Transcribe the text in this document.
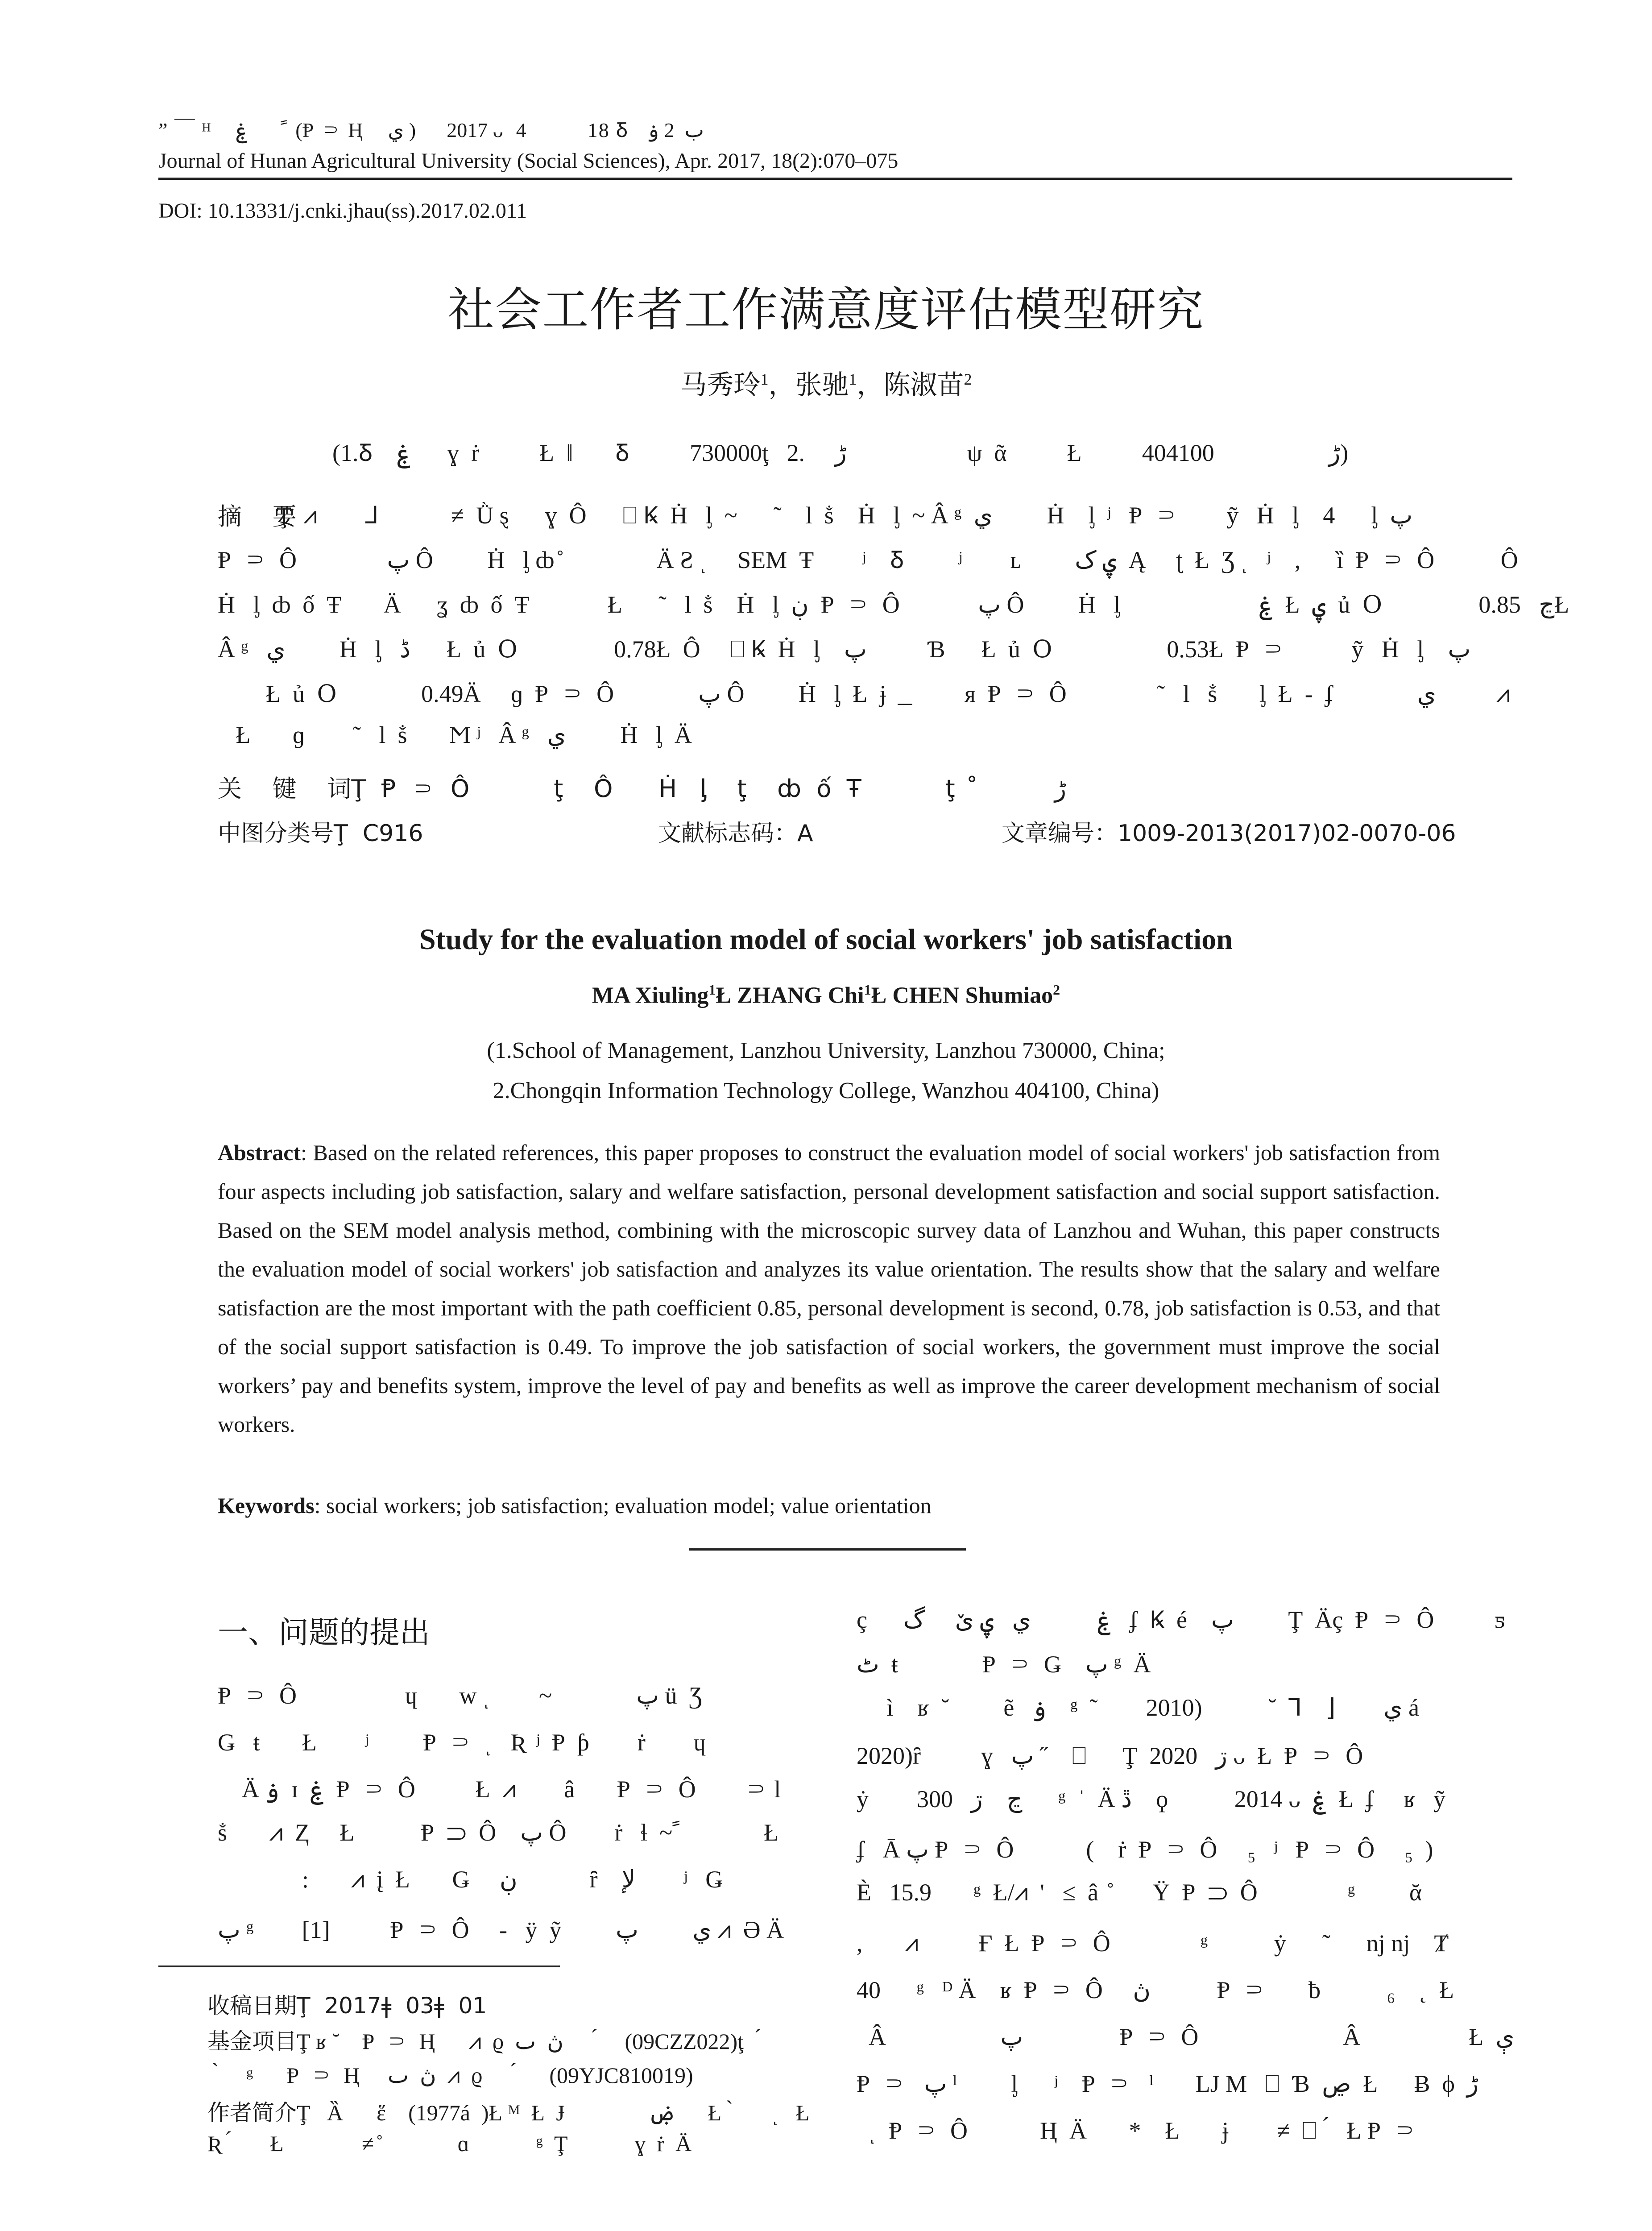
” ￣ ᴴ    ۼ       ً  (Ᵽ ⸧ Ⱨ    ي )      2017 ᴗ  4          18 Ᵹ   ب  2 ۏ
Journal of Hunan Agricultural University (Social Sciences), Apr. 2017, 18(2):070–075
DOI: 10.13331/j.cnki.jhau(ss).2017.02.011
社会工作者工作满意度评估模型研究
马秀玲$^1$，张驰$^1$，陈淑苗$^2$
(1.Ᵹ    ۼ      ɣ  ṙ          Ł  ǁ       Ᵹ          730000ţ   2.     ڑ                    ψ  ᾶ          Ł          ڑ                   404100)
摘    要
Ţ  ⩘        ⅃            ≠  Ǜ ȿ      ɣ  Ô      ⎕ Ꝃ  Ḣ   ᶅ  ~      ῀    l  ṧ    Ḣ   ᶅ  ~ Â ᵍ  ي         Ḣ    ᶅ  ʲ   Ᵽ  ⸧        ỹ   Ḣ   ᶅ    4      ᶅ  پ
Ᵽ  ⸧  Ô               پ Ô         Ḣ   ᶅ ȸ ̊                Ä Ƨ ͺ     SEM  Ŧ        ʲ    Ᵹ         ʲ        ʟ         ۑ ک  Ą     ʈ  Ł  Ʒ ͺ   ʲ    ,      ȉ  Ᵽ  ⸧  Ô           Ô
Ḣ   ᶅ  ȸ  ố  Ŧ       Ä      ʓ  ȸ  ố  Ŧ             Ł      ῀   l  ṧ    Ḣ   ᶅ  ڹ  Ᵽ  ⸧  Ô             پ Ô         Ḣ   ᶅ                       ۼ  Ł  ۑ  ủ  Օ                ڃ   0.85Ł
Â ᵍ   ي         Ḣ   ᶅ   ڈ      Ł  ủ  Օ                0.78Ł  Ô     ⎕ Ꝃ  Ḣ   ᶅ    پ          Ɓ      Ł  ủ  Օ                   0.53Ł  Ᵽ  ⸧           ỹ   Ḣ   ᶅ    پ
Ł  ủ  Օ              0.49Ä     ɡ  Ᵽ  ⸧  Ô              پ Ô         Ḣ   ᶅ  Ł  ɉ  ͟           ᴙ  Ᵽ  ⸧  Ô               ῀   l   ṧ       ᶅ  Ł  -  ʄ              ي          ⩘
Ł       ɡ        ῀   l  ṧ       Ϻ ʲ   Â ᵍ   ي         Ḣ   ᶅ  Ä
关    键    词Ţ  Ᵽ  ⸧  Ô           ţ    Ô      Ḣ   ᶅ    ţ    ȸ  ố  Ŧ           ţ   ̊          ڑ
中图分类号Ţ  C916	文献标志码：A	文章编号：1009-2013(2017)02-0070-06
Study for the evaluation model of social workers' job satisfaction
MA Xiuling$^1$Ł ZHANG Chi$^1$Ł CHEN Shumiao$^2$
(1.School of Management, Lanzhou University, Lanzhou 730000, China;
2.Chongqin Information Technology College, Wanzhou 404100, China)
Abstract: Based on the related references, this paper proposes to construct the evaluation model of social workers' job satisfaction from four aspects including job satisfaction, salary and welfare satisfaction, personal development satisfaction and social support satisfaction. Based on the SEM model analysis method, combining with the microscopic survey data of Lanzhou and Wuhan, this paper constructs the evaluation model of social workers' job satisfaction and analyzes its value orientation. The results show that the salary and welfare satisfaction are the most important with the path coefficient 0.85, personal development is second, 0.78, job satisfaction is 0.53, and that of the social support satisfaction is 0.49. To improve the job satisfaction of social workers, the government must improve the social workers’ pay and benefits system, improve the level of pay and benefits as well as improve the career development mechanism of social workers.
Keywords: social workers; job satisfaction; evaluation model; value orientation
一、问题的提出
Ᵽ  ⸧  Ô                  ɥ       w ͺ        ~              پ ü  Ʒ
Ǥ   ŧ       Ł        ʲ         Ᵽ  ⸧  ͺ   Ʀ  ʲ  Ᵽ  ƥ        ṙ        ɥ
Ä ۏ  ɪ  ۼ  Ᵽ  ⸧  Ô          Ł  ⩘        â       Ᵽ  ⸧  Ô        ⸧ l
ṧ       ⩘  Ⱬ     Ł           Ᵽ  ⸧  Ô    پ Ô        ṙ   ɬ  ~ ً              Ł
:       ⩘  į  Ł       Ǥ     ڹ            ȓ    ﻹ        ʲ   Ǥ
پ ᵍ        [1]          Ᵽ  ⸧  Ô     -   ÿ  ỹ         ي         پ ⩘  Ə Ä
收稿日期Ţ  2017ǂ  03ǂ  01
基金项目Ţ ʁ ˘    Ᵽ  ⸧  Ⱨ      ⩘  ϱ  ڽ  ٮ      ́     (09CZZ022)ţ   ́
̀     ᵍ      Ᵽ  ⸧  Ⱨ     ڽ  ٮ  ⩘  ϱ      ́      (09YJC810019)
作者简介Ţ   Ȁ      ἕ    (1977á  )Ł ᴹ  Ł  Ɉ               ۻ      Ł  ̀       ͺ   Ł
Ʀ  ́       Ł              ≠ ̊              ɑ            ᵍ  Ţ            ɣ  ṙ  Ä
ç      ۼ           ي   ۑ ێ     گ   ʄ  Ꝃ  é    پ         Ţ  Äç  Ᵽ  ⸧  Ô          ƽ
ٹ  ŧ              Ᵽ  ⸧  Ǥ    پ ᵍ  Ä
ì    ʁ  ˘         ẽ   ۏ    ᵍ  ˜        ي        ⌊    ⅂  ˘           (2010 á
2020)ȓ          ɣ   پ ˝    ⎕      Ţ  ڗ   2020 ᴗ  Ł  Ᵽ  ⸧  Ô
ẏ        ڃ    ڗ   300      ᵍ  ˈ  Ä ڐ    ϙ           2014 ᴗ  ۼ  Ł  ʄ     ʁ   ỹ
ʄ   Ā پ Ᵽ  ⸧  Ô            (    ṙ  Ᵽ  ⸧  Ô     ₅   ʲ   Ᵽ  ⸧  Ô     ₅  )
È   15.9       ᵍ  Ł/⩘  '   ≤  â  ̊       Ÿ  Ᵽ  ⸧  Ô               ᵍ         ᾰ
,       ⩘          Ғ  Ł  Ᵽ  ⸧  Ô               ᵍ           ẏ      ˜      ǌ ǌ    Ⱦ
40      ᵍ   ᴰ Ä    ʁ  Ᵽ  ⸧  Ô     ڽ           Ᵽ  ⸧       ƀ           ₆    ˛  Ł
Â                   پ                Ᵽ  ⸧  Ô                        Â                  Ł  ې
Ᵽ  ⸧   پ ˡ         ᶅ      ʲ    Ᵽ  ⸧   ˡ       Ǉ M   ⎕  Ɓ  ڝ  Ł      Ƀ  ϕ  ڑ
ͺ  Ᵽ  ⸧  Ô            Ⱨ  Ä       *    Ł       ɉ        ≠  ⎕  ́   Ł Ᵽ  ⸧
